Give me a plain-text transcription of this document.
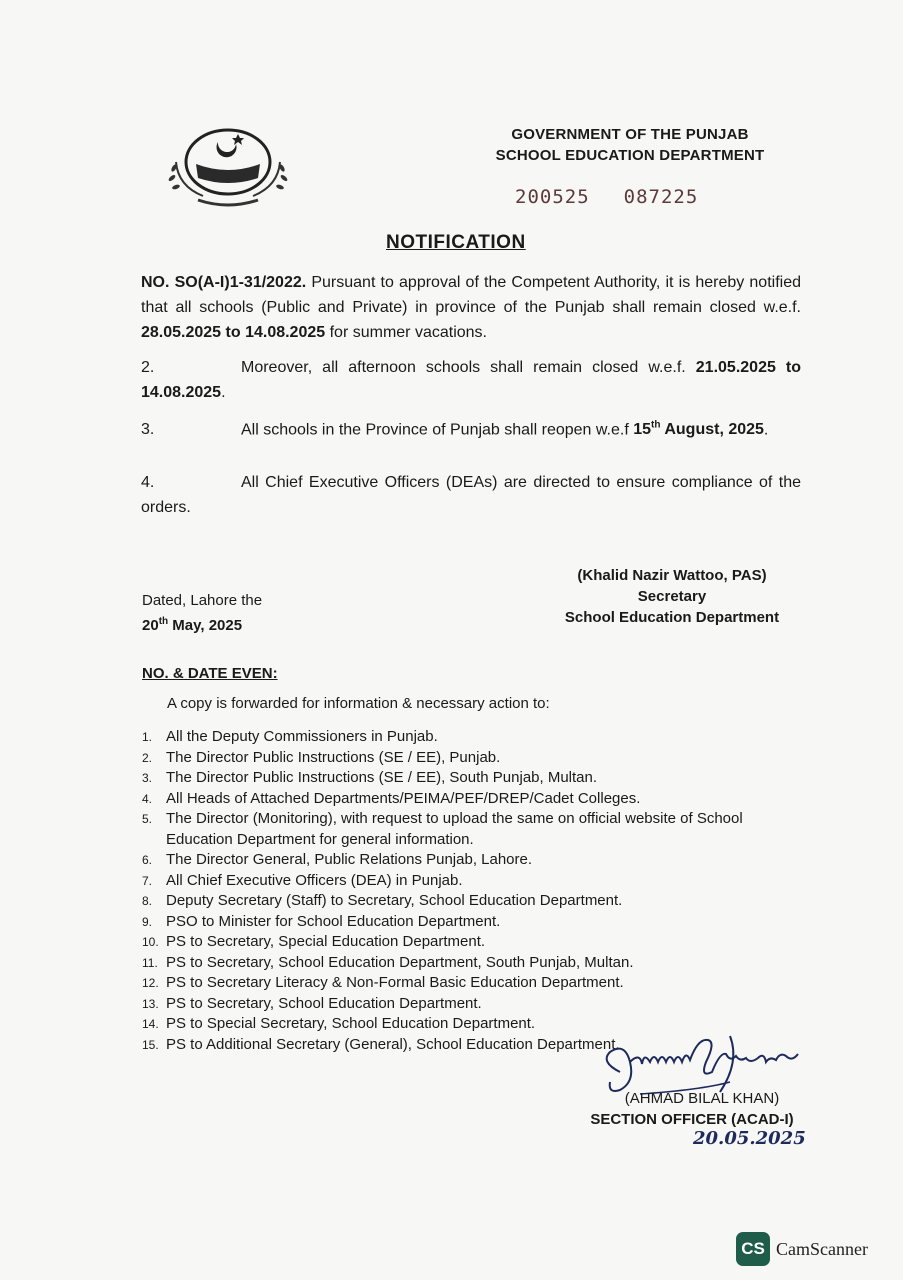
GOVERNMENT OF THE PUNJAB
SCHOOL EDUCATION DEPARTMENT
200525 087225
NOTIFICATION
NO. SO(A-I)1-31/2022. Pursuant to approval of the Competent Authority, it is hereby notified that all schools (Public and Private) in province of the Punjab shall remain closed w.e.f. 28.05.2025 to 14.08.2025 for summer vacations.
2.	Moreover, all afternoon schools shall remain closed w.e.f. 21.05.2025 to 14.08.2025.
3.	All schools in the Province of Punjab shall reopen w.e.f 15th August, 2025.
4.	All Chief Executive Officers (DEAs) are directed to ensure compliance of the orders.
(Khalid Nazir Wattoo, PAS)
Secretary
School Education Department
Dated, Lahore the
20th May, 2025
NO. & DATE EVEN:
A copy is forwarded for information & necessary action to:
1. All the Deputy Commissioners in Punjab.
2. The Director Public Instructions (SE / EE), Punjab.
3. The Director Public Instructions (SE / EE), South Punjab, Multan.
4. All Heads of Attached Departments/PEIMA/PEF/DREP/Cadet Colleges.
5. The Director (Monitoring), with request to upload the same on official website of School Education Department for general information.
6. The Director General, Public Relations Punjab, Lahore.
7. All Chief Executive Officers (DEA) in Punjab.
8. Deputy Secretary (Staff) to Secretary, School Education Department.
9. PSO to Minister for School Education Department.
10. PS to Secretary, Special Education Department.
11. PS to Secretary, School Education Department, South Punjab, Multan.
12. PS to Secretary Literacy & Non-Formal Basic Education Department.
13. PS to Secretary, School Education Department.
14. PS to Special Secretary, School Education Department.
15. PS to Additional Secretary (General), School Education Department.
(AHMAD BILAL KHAN)
SECTION OFFICER (ACAD-I)
20.05.2025
CS CamScanner
